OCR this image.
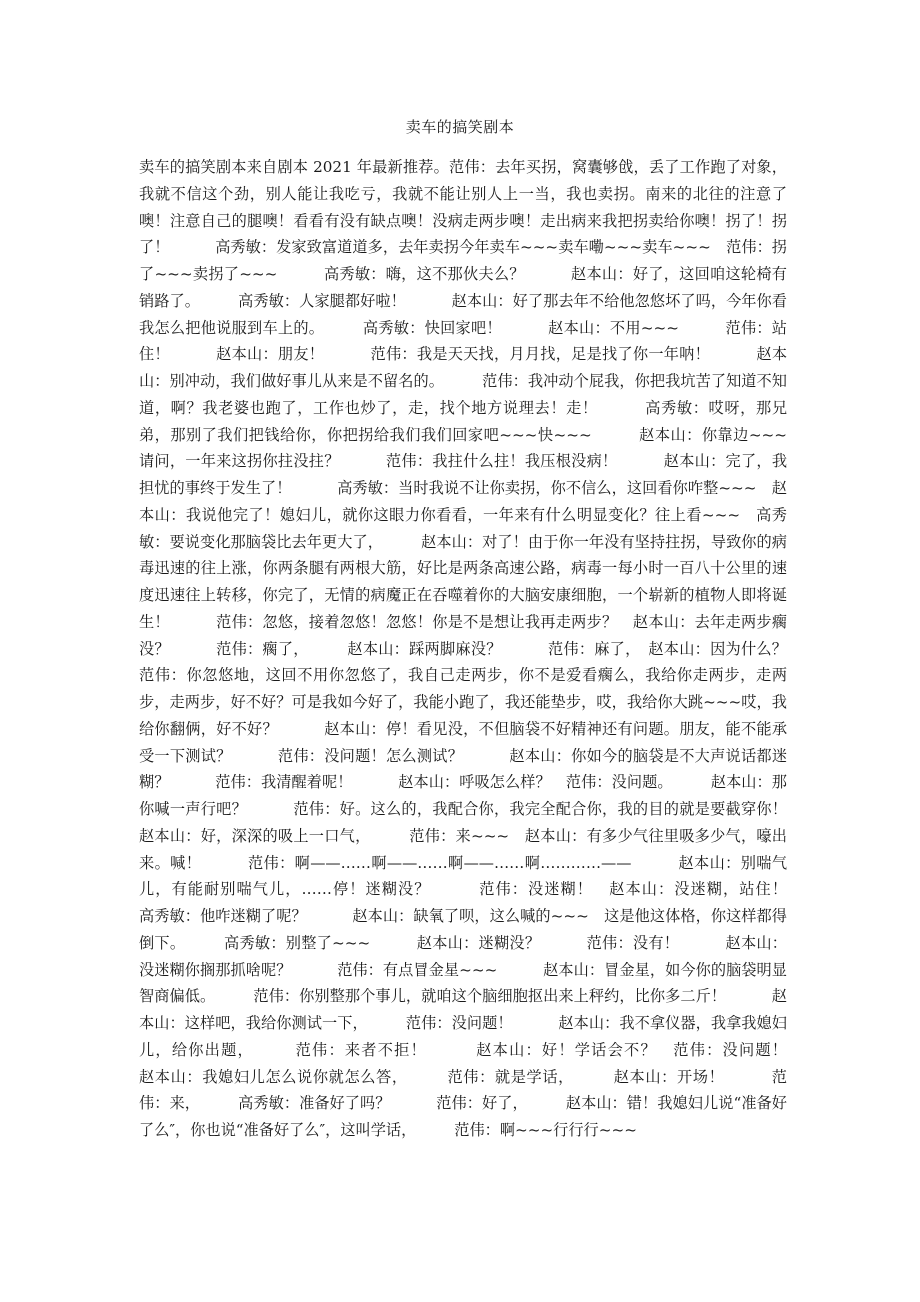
卖车的搞笑剧本
卖车的搞笑剧本来自剧本 2021 年最新推荐。范伟：去年买拐，窝囊够戗，丢了工作跑了对象，我就不信这个劲，别人能让我吃亏，我就不能让别人上一当，我也卖拐。南来的北往的注意了噢！注意自己的腿噢！看看有没有缺点噢！没病走两步噢！走出病来我把拐卖给你噢！拐了！拐了！　　　高秀敏：发家致富道道多，去年卖拐今年卖车~~~卖车嘞~~~卖车~~~　范伟：拐了~~~卖拐了~~~　　　高秀敏：嗨，这不那伙夫么？　　　赵本山：好了，这回咱这轮椅有销路了。　　　高秀敏：人家腿都好啦！　　　赵本山：好了那去年不给他忽悠坏了吗，今年你看我怎么把他说服到车上的。　　　高秀敏：快回家吧！　　　赵本山：不用~~~　　　范伟：站住！　　　赵本山：朋友！　　　范伟：我是天天找，月月找，足是找了你一年呐！　　　赵本山：别冲动，我们做好事儿从来是不留名的。　　　范伟：我冲动个屁我，你把我坑苦了知道不知道，啊？我老婆也跑了，工作也炒了，走，找个地方说理去！走！　　　高秀敏：哎呀，那兄弟，那别了我们把钱给你，你把拐给我们我们回家吧~~~快~~~　　　赵本山：你靠边~~~　请问，一年来这拐你拄没拄？　　　范伟：我拄什么拄！我压根没病！　　　赵本山：完了，我担忧的事终于发生了！　　　高秀敏：当时我说不让你卖拐，你不信么，这回看你咋整~~~　赵本山：我说他完了！媳妇儿，就你这眼力你看看，一年来有什么明显变化？往上看~~~　高秀敏：要说变化那脑袋比去年更大了，　　　赵本山：对了！由于你一年没有坚持拄拐，导致你的病毒迅速的往上涨，你两条腿有两根大筋，好比是两条高速公路，病毒一每小时一百八十公里的速度迅速往上转移，你完了，无情的病魔正在吞噬着你的大脑安康细胞，一个崭新的植物人即将诞生！　　　范伟：忽悠，接着忽悠！忽悠！你是不是想让我再走两步？　赵本山：去年走两步瘸没？　　　范伟：瘸了，　　　赵本山：踩两脚麻没？　　　范伟：麻了，　赵本山：因为什么？　　　范伟：你忽悠地，这回不用你忽悠了，我自己走两步，你不是爱看瘸么，我给你走两步，走两步，走两步，好不好？可是我如今好了，我能小跑了，我还能垫步，哎，我给你大跳~~~哎，我给你翻俩，好不好？　　　赵本山：停！看见没，不但脑袋不好精神还有问题。朋友，能不能承受一下测试？　　　范伟：没问题！怎么测试？　　　赵本山：你如今的脑袋是不大声说话都迷糊？　　　范伟：我清醒着呢！　　　赵本山：呼吸怎么样？　范伟：没问题。　　　赵本山：那你喊一声行吧？　　　范伟：好。这么的，我配合你，我完全配合你，我的目的就是要截穿你！　　　赵本山：好，深深的吸上一口气，　　　范伟：来~~~　赵本山：有多少气往里吸多少气，嚎出来。喊！　　　范伟：啊——……啊——……啊——……啊…………——　　　赵本山：别喘气儿，有能耐别喘气儿，……停！迷糊没？　　　范伟：没迷糊！　赵本山：没迷糊，站住！　　　高秀敏：他咋迷糊了呢？　　　赵本山：缺氧了呗，这么喊的~~~　这是他这体格，你这样都得倒下。　　　高秀敏：别整了~~~　　　赵本山：迷糊没？　　　范伟：没有！　　　赵本山：没迷糊你搁那抓啥呢？　　　范伟：有点冒金星~~~　　　赵本山：冒金星，如今你的脑袋明显智商偏低。　　　范伟：你别整那个事儿，就咱这个脑细胞抠出来上秤约，比你多二斤！　　　赵本山：这样吧，我给你测试一下，　　　范伟：没问题！　　　赵本山：我不拿仪器，我拿我媳妇儿，给你出题，　　　范伟：来者不拒！　　　赵本山：好！学话会不？　范伟：没问题！　　　赵本山：我媳妇儿怎么说你就怎么答，　　　范伟：就是学话，　　　赵本山：开场！　　　范伟：来，　　　高秀敏：准备好了吗？　　　范伟：好了，　　　赵本山：错！我媳妇儿说“准备好了么″，你也说“准备好了么″，这叫学话，　　　范伟：啊~~~行行行~~~
